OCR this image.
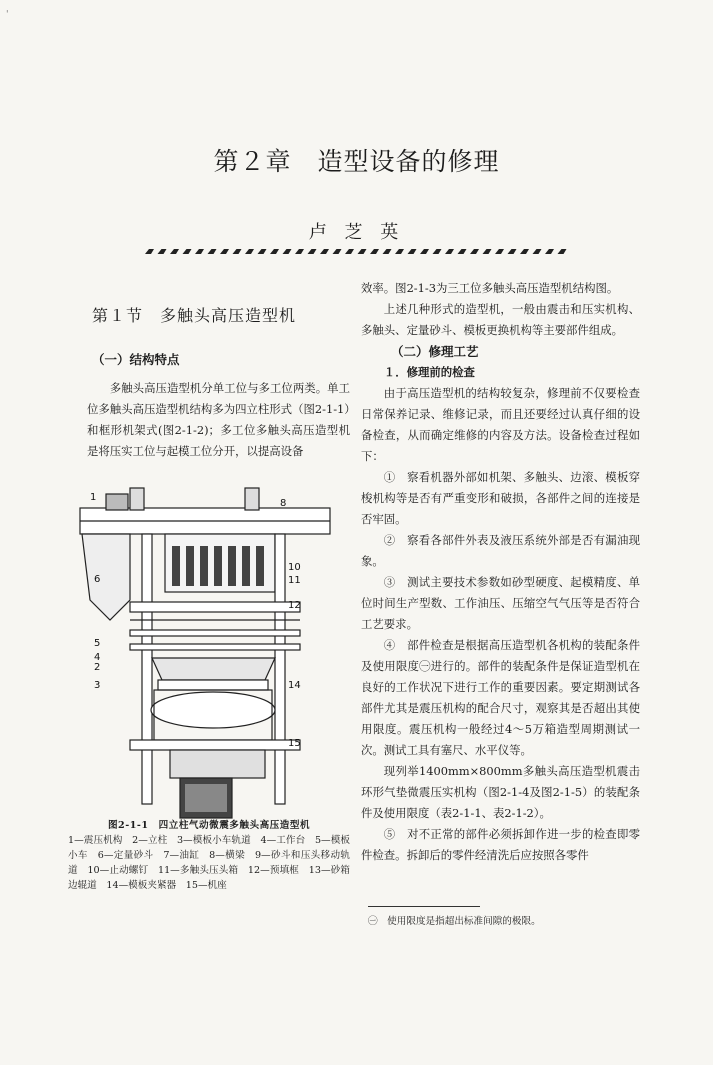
'
第２章　造型设备的修理
卢 芝 英
第１节　多触头高压造型机
（一）结构特点

多触头高压造型机分单工位与多工位两类。单工位多触头高压造型机结构多为四立柱形式（图2-1-1）和框形机架式(图2-1-2)；多工位多触头高压造型机是将压实工位与起模工位分开，以提高设备

1
2
3
4
5
6
8
10
11
12
14
15
图2-1-1　四立柱气动微震多触头高压造型机
1—震压机构　2—立柱　3—模板小车轨道　4—工作台　5—模板小车　6—定量砂斗　7—油缸　8—横梁　9—砂斗和压头移动轨道　10—止动螺钉　11—多触头压头箱　12—预填框　13—砂箱边辊道　14—模板夹紧器　15—机座

效率。图2-1-3为三工位多触头高压造型机结构图。

上述几种形式的造型机，一般由震击和压实机构、多触头、定量砂斗、模板更换机构等主要部件组成。

（二）修理工艺

１．修理前的检查

由于高压造型机的结构较复杂，修理前不仅要检查日常保养记录、维修记录，而且还要经过认真仔细的设备检查，从而确定维修的内容及方法。设备检查过程如下：

①　察看机器外部如机架、多触头、边滚、模板穿梭机构等是否有严重变形和破损，各部件之间的连接是否牢固。

②　察看各部件外表及液压系统外部是否有漏油现象。

③　测试主要技术参数如砂型硬度、起模精度、单位时间生产型数、工作油压、压缩空气气压等是否符合工艺要求。

④　部件检查是根据高压造型机各机构的装配条件及使用限度㊀进行的。部件的装配条件是保证造型机在良好的工作状况下进行工作的重要因素。要定期测试各部件尤其是震压机构的配合尺寸，观察其是否超出其使用限度。震压机构一般经过4～5万箱造型周期测试一次。测试工具有塞尺、水平仪等。

现列举1400mm×800mm多触头高压造型机震击环形气垫微震压实机构（图2-1-4及图2-1-5）的装配条件及使用限度（表2-1-1、表2-1-2）。

⑤　对不正常的部件必须拆卸作进一步的检查即零件检查。拆卸后的零件经清洗后应按照各零件

㊀　使用限度是指超出标准间隙的极限。
